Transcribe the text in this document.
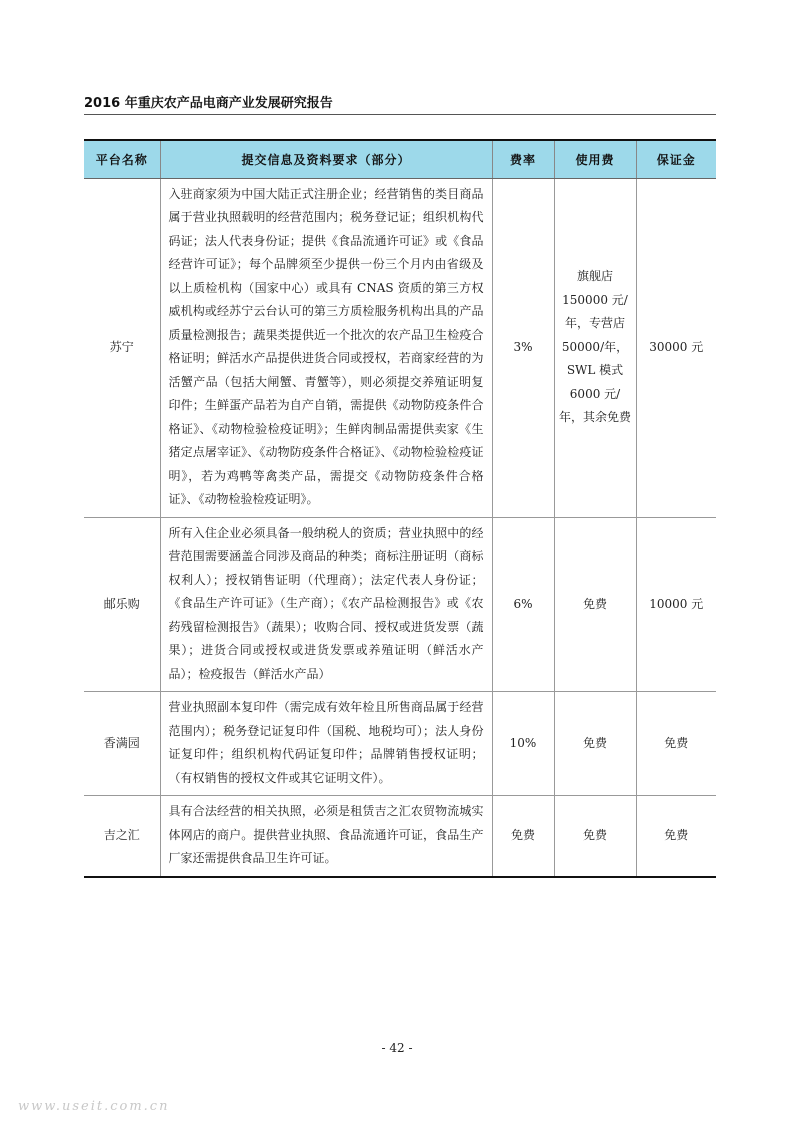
2016 年重庆农产品电商产业发展研究报告
平台名称	提交信息及资料要求（部分）	费率	使用费	保证金
苏宁	入驻商家须为中国大陆正式注册企业；经营销售的类目商品属于营业执照载明的经营范围内；税务登记证；组织机构代码证；法人代表身份证；提供《食品流通许可证》或《食品经营许可证》；每个品牌须至少提供一份三个月内由省级及以上质检机构（国家中心）或具有 CNAS 资质的第三方权威机构或经苏宁云台认可的第三方质检服务机构出具的产品质量检测报告；蔬果类提供近一个批次的农产品卫生检疫合格证明；鲜活水产品提供进货合同或授权，若商家经营的为活蟹产品（包括大闸蟹、青蟹等），则必须提交养殖证明复印件；生鲜蛋产品若为自产自销，需提供《动物防疫条件合格证》、《动物检验检疫证明》；生鲜肉制品需提供卖家《生猪定点屠宰证》、《动物防疫条件合格证》、《动物检验检疫证明》，若为鸡鸭等禽类产品，需提交《动物防疫条件合格证》、《动物检验检疫证明》。	3%	旗舰店 150000 元/年，专营店 50000/年，SWL 模式 6000 元/年，其余免费	30000 元
邮乐购	所有入住企业必须具备一般纳税人的资质；营业执照中的经营范围需要涵盖合同涉及商品的种类；商标注册证明（商标权利人）；授权销售证明（代理商）；法定代表人身份证；《食品生产许可证》（生产商）；《农产品检测报告》或《农药残留检测报告》（蔬果）；收购合同、授权或进货发票（蔬果）；进货合同或授权或进货发票或养殖证明（鲜活水产品）；检疫报告（鲜活水产品）	6%	免费	10000 元
香满园	营业执照副本复印件（需完成有效年检且所售商品属于经营范围内）；税务登记证复印件（国税、地税均可）；法人身份证复印件；组织机构代码证复印件；品牌销售授权证明；（有权销售的授权文件或其它证明文件）。	10%	免费	免费
吉之汇	具有合法经营的相关执照，必须是租赁吉之汇农贸物流城实体网店的商户。提供营业执照、食品流通许可证，食品生产厂家还需提供食品卫生许可证。	免费	免费	免费
- 42 -
www.useit.com.cn
